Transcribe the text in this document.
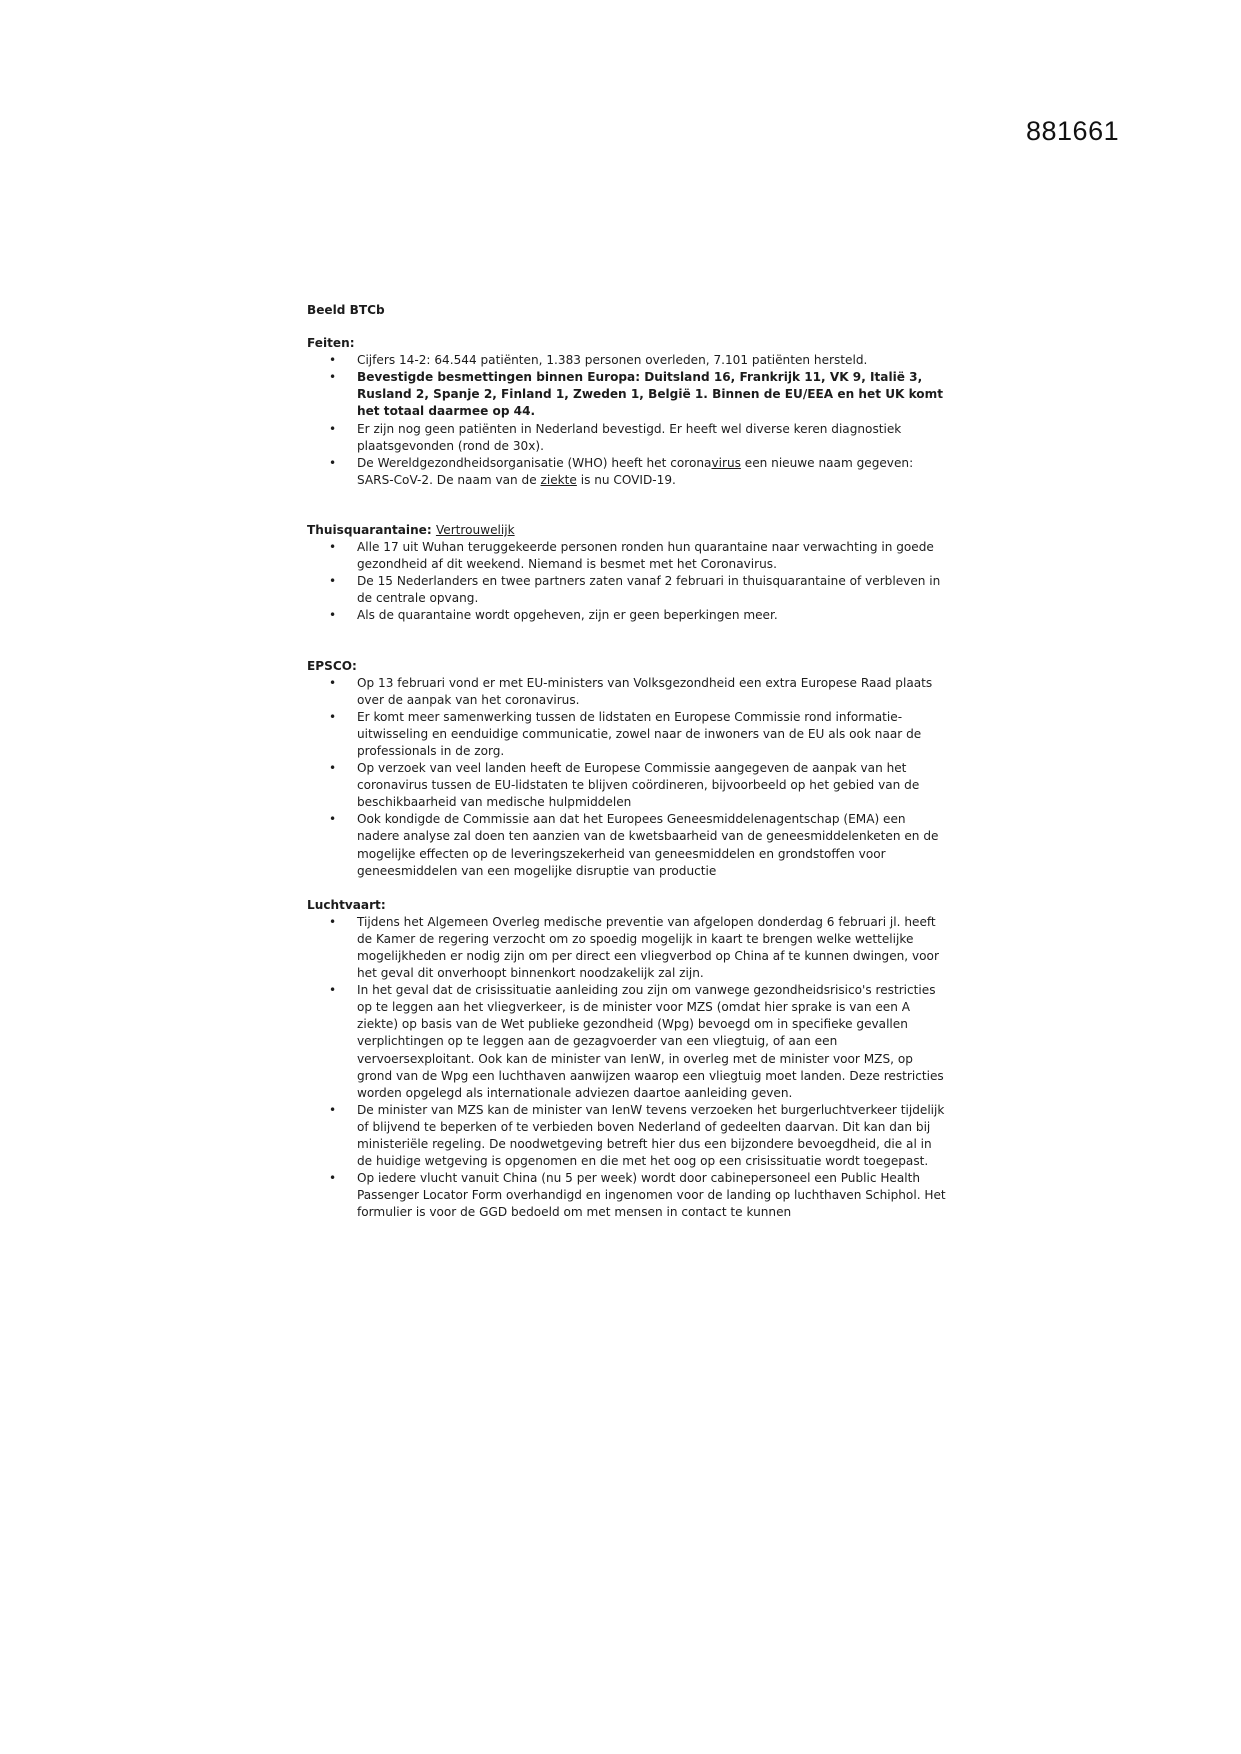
881661

Beeld BTCb

Feiten:

• Cijfers 14-2: 64.544 patiënten, 1.383 personen overleden, 7.101 patiënten hersteld.
• Bevestigde besmettingen binnen Europa: Duitsland 16, Frankrijk 11, VK 9, Italië 3, Rusland 2, Spanje 2, Finland 1, Zweden 1, België 1. Binnen de EU/EEA en het UK komt het totaal daarmee op 44.
• Er zijn nog geen patiënten in Nederland bevestigd. Er heeft wel diverse keren diagnostiek plaatsgevonden (rond de 30x).
• De Wereldgezondheidsorganisatie (WHO) heeft het coronavirus een nieuwe naam gegeven: SARS-CoV-2. De naam van de ziekte is nu COVID-19.

Thuisquarantaine: Vertrouwelijk

• Alle 17 uit Wuhan teruggekeerde personen ronden hun quarantaine naar verwachting in goede gezondheid af dit weekend. Niemand is besmet met het Coronavirus.
• De 15 Nederlanders en twee partners zaten vanaf 2 februari in thuisquarantaine of verbleven in de centrale opvang.
• Als de quarantaine wordt opgeheven, zijn er geen beperkingen meer.

EPSCO:

• Op 13 februari vond er met EU-ministers van Volksgezondheid een extra Europese Raad plaats over de aanpak van het coronavirus.
• Er komt meer samenwerking tussen de lidstaten en Europese Commissie rond informatie-uitwisseling en eenduidige communicatie, zowel naar de inwoners van de EU als ook naar de professionals in de zorg.
• Op verzoek van veel landen heeft de Europese Commissie aangegeven de aanpak van het coronavirus tussen de EU-lidstaten te blijven coördineren, bijvoorbeeld op het gebied van de beschikbaarheid van medische hulpmiddelen
• Ook kondigde de Commissie aan dat het Europees Geneesmiddelenagentschap (EMA) een nadere analyse zal doen ten aanzien van de kwetsbaarheid van de geneesmiddelenketen en de mogelijke effecten op de leveringszekerheid van geneesmiddelen en grondstoffen voor geneesmiddelen van een mogelijke disruptie van productie

Luchtvaart:

• Tijdens het Algemeen Overleg medische preventie van afgelopen donderdag 6 februari jl. heeft de Kamer de regering verzocht om zo spoedig mogelijk in kaart te brengen welke wettelijke mogelijkheden er nodig zijn om per direct een vliegverbod op China af te kunnen dwingen, voor het geval dit onverhoopt binnenkort noodzakelijk zal zijn.
• In het geval dat de crisissituatie aanleiding zou zijn om vanwege gezondheidsrisico's restricties op te leggen aan het vliegverkeer, is de minister voor MZS (omdat hier sprake is van een A ziekte) op basis van de Wet publieke gezondheid (Wpg) bevoegd om in specifieke gevallen verplichtingen op te leggen aan de gezagvoerder van een vliegtuig, of aan een vervoersexploitant. Ook kan de minister van IenW, in overleg met de minister voor MZS, op grond van de Wpg een luchthaven aanwijzen waarop een vliegtuig moet landen. Deze restricties worden opgelegd als internationale adviezen daartoe aanleiding geven.
• De minister van MZS kan de minister van IenW tevens verzoeken het burgerluchtverkeer tijdelijk of blijvend te beperken of te verbieden boven Nederland of gedeelten daarvan. Dit kan dan bij ministeriële regeling. De noodwetgeving betreft hier dus een bijzondere bevoegdheid, die al in de huidige wetgeving is opgenomen en die met het oog op een crisissituatie wordt toegepast.
• Op iedere vlucht vanuit China (nu 5 per week) wordt door cabinepersoneel een Public Health Passenger Locator Form overhandigd en ingenomen voor de landing op luchthaven Schiphol. Het formulier is voor de GGD bedoeld om met mensen in contact te kunnen
